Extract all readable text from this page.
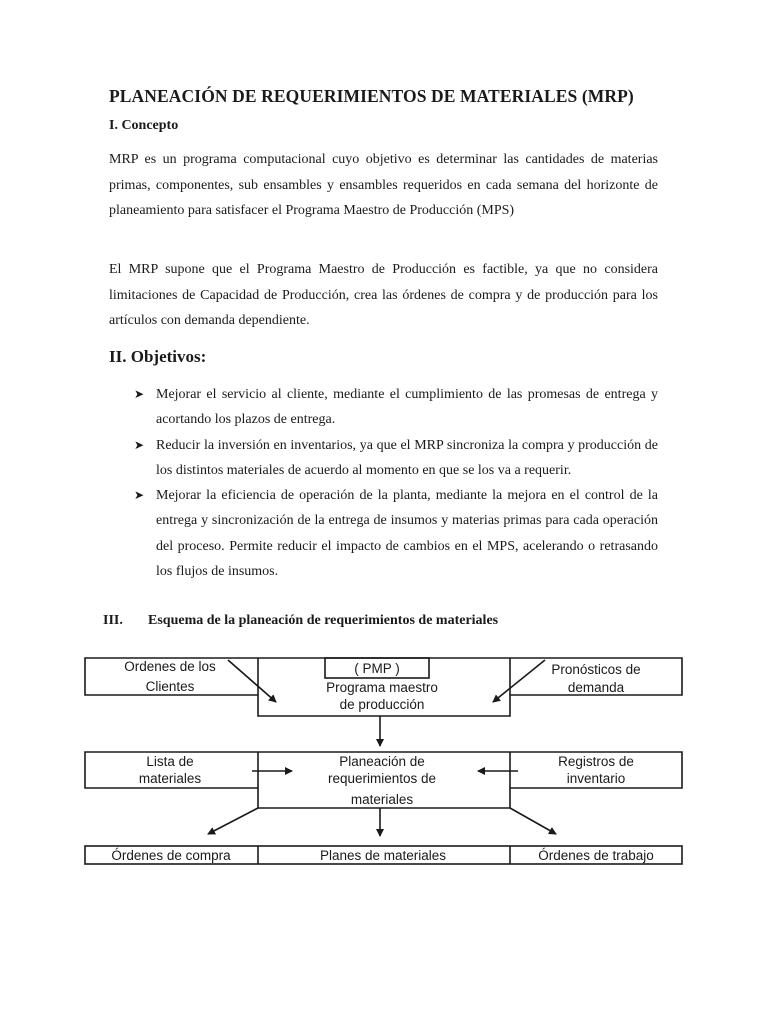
PLANEACIÓN DE REQUERIMIENTOS DE MATERIALES (MRP)
I. Concepto

MRP es un programa computacional cuyo objetivo es determinar las cantidades de materias primas, componentes, sub ensambles y ensambles requeridos en cada semana del horizonte de planeamiento para satisfacer el Programa Maestro de Producción (MPS)

El MRP supone que el Programa Maestro de Producción es factible, ya que no considera limitaciones de Capacidad de Producción, crea las órdenes de compra y de producción para los artículos con demanda dependiente.

II. Objetivos:
➤ Mejorar el servicio al cliente, mediante el cumplimiento de las promesas de entrega y acortando los plazos de entrega.
➤ Reducir la inversión en inventarios, ya que el MRP sincroniza la compra y producción de los distintos materiales de acuerdo al momento en que se los va a requerir.
➤ Mejorar la eficiencia de operación de la planta, mediante la mejora en el control de la entrega y sincronización de la entrega de insumos y materias primas para cada operación del proceso. Permite reducir el impacto de cambios en el MPS, acelerando o retrasando los flujos de insumos.
III. Esquema de la planeación de requerimientos de materiales
Ordenes de los
Clientes
( PMP )
Programa maestro
de producción
Pronósticos de
demanda
Lista de
materiales
Planeación de
requerimientos de
materiales
Registros de
inventario
Órdenes de compra	Planes de materiales	Órdenes de trabajo
